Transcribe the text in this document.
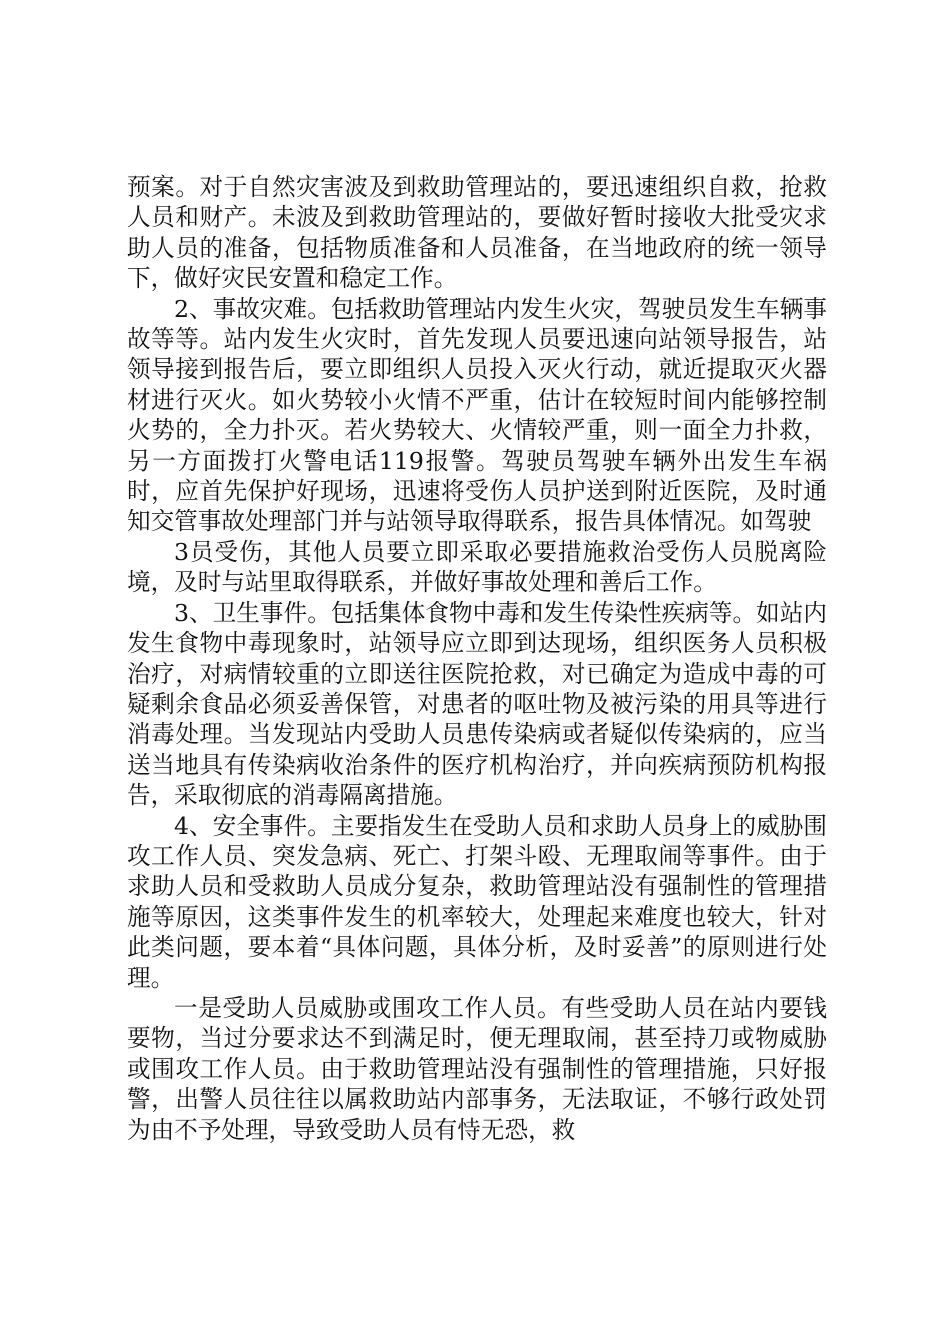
预案。对于自然灾害波及到救助管理站的，要迅速组织自救，抢救人员和财产。未波及到救助管理站的，要做好暂时接收大批受灾求助人员的准备，包括物质准备和人员准备，在当地政府的统一领导下，做好灾民安置和稳定工作。

2、事故灾难。包括救助管理站内发生火灾，驾驶员发生车辆事故等等。站内发生火灾时，首先发现人员要迅速向站领导报告，站领导接到报告后，要立即组织人员投入灭火行动，就近提取灭火器材进行灭火。如火势较小火情不严重，估计在较短时间内能够控制火势的，全力扑灭。若火势较大、火情较严重，则一面全力扑救，另一方面拨打火警电话119报警。驾驶员驾驶车辆外出发生车祸时，应首先保护好现场，迅速将受伤人员护送到附近医院，及时通知交管事故处理部门并与站领导取得联系，报告具体情况。如驾驶

3员受伤，其他人员要立即采取必要措施救治受伤人员脱离险境，及时与站里取得联系，并做好事故处理和善后工作。

3、卫生事件。包括集体食物中毒和发生传染性疾病等。如站内发生食物中毒现象时，站领导应立即到达现场，组织医务人员积极治疗，对病情较重的立即送往医院抢救，对已确定为造成中毒的可疑剩余食品必须妥善保管，对患者的呕吐物及被污染的用具等进行消毒处理。当发现站内受助人员患传染病或者疑似传染病的，应当送当地具有传染病收治条件的医疗机构治疗，并向疾病预防机构报告，采取彻底的消毒隔离措施。

4、安全事件。主要指发生在受助人员和求助人员身上的威胁围攻工作人员、突发急病、死亡、打架斗殴、无理取闹等事件。由于求助人员和受救助人员成分复杂，救助管理站没有强制性的管理措施等原因，这类事件发生的机率较大，处理起来难度也较大，针对此类问题，要本着“具体问题，具体分析，及时妥善”的原则进行处理。

一是受助人员威胁或围攻工作人员。有些受助人员在站内要钱要物，当过分要求达不到满足时，便无理取闹，甚至持刀或物威胁或围攻工作人员。由于救助管理站没有强制性的管理措施，只好报警，出警人员往往以属救助站内部事务，无法取证，不够行政处罚为由不予处理，导致受助人员有恃无恐，救
